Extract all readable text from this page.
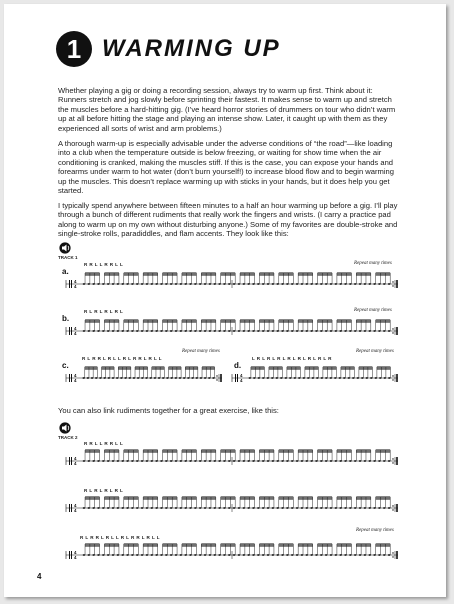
1 WARMING UP

Whether playing a gig or doing a recording session, always try to warm up first. Think about it: Runners stretch and jog slowly before sprinting their fastest. It makes sense to warm up and stretch the muscles before a hard-hitting gig. (I’ve heard horror stories of drummers on tour who didn’t warm up at all before hitting the stage and playing an intense show. Later, it caught up with them as they experienced all sorts of wrist and arm problems.)

A thorough warm-up is especially advisable under the adverse conditions of “the road”—like loading into a club when the temperature outside is below freezing, or waiting for show time when the air conditioning is cranked, making the muscles stiff. If this is the case, you can expose your hands and forearms under warm to hot water (don’t burn yourself!) to increase blood flow and to begin warming up the muscles. This doesn’t replace warming up with sticks in your hands, but it does help you get started.

I typically spend anywhere between fifteen minutes to a half an hour warming up before a gig. I’ll play through a bunch of different rudiments that really work the fingers and wrists. (I carry a practice pad along to warm up on my own without disturbing anyone.) Some of my favorites are double-stroke and single-stroke rolls, paradiddles, and flam accents. They look like this:

TRACK 1
a.
R R L L R R L L	Repeat many times
b.
R L R L R L R L	Repeat many times
c.
R L R R L R L L R L R R L R L L
Repeat many times
d.
L R L R L R L R L R L R L R L R
Repeat many times

You can also link rudiments together for a great exercise, like this:

TRACK 2
R R L L R R L L
R L R L R L R L
R L R R L R L L R L R R L R L L
Repeat many times
4
4
4
4
4
4
4
4
4
4
4
4
4
4
4
